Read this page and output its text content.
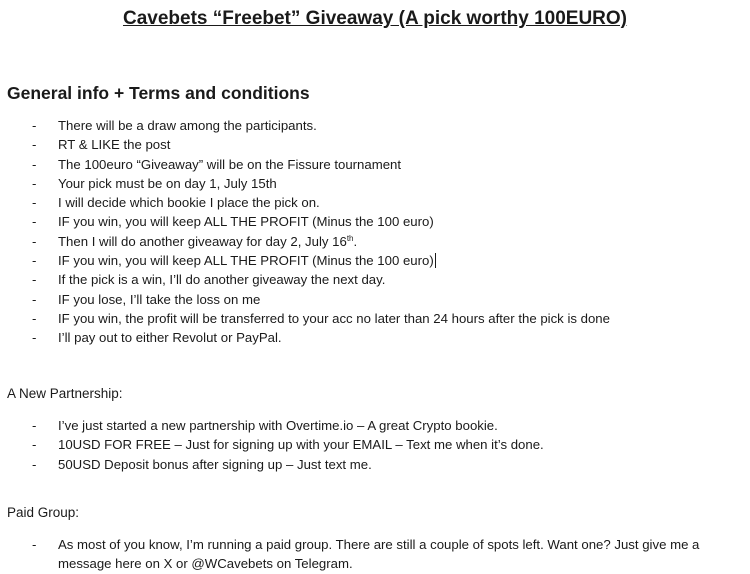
Cavebets “Freebet” Giveaway (A pick worthy 100EURO)
General info + Terms and conditions
- There will be a draw among the participants.
- RT & LIKE the post
- The 100euro “Giveaway” will be on the Fissure tournament
- Your pick must be on day 1, July 15th
- I will decide which bookie I place the pick on.
- IF you win, you will keep ALL THE PROFIT (Minus the 100 euro)
- Then I will do another giveaway for day 2, July 16th.
- IF you win, you will keep ALL THE PROFIT (Minus the 100 euro)
- If the pick is a win, I’ll do another giveaway the next day.
- IF you lose, I’ll take the loss on me
- IF you win, the profit will be transferred to your acc no later than 24 hours after the pick is done
- I’ll pay out to either Revolut or PayPal.
A New Partnership:
- I’ve just started a new partnership with Overtime.io – A great Crypto bookie.
- 10USD FOR FREE – Just for signing up with your EMAIL – Text me when it’s done.
- 50USD Deposit bonus after signing up – Just text me.
Paid Group:
- As most of you know, I’m running a paid group. There are still a couple of spots left. Want one? Just give me a
message here on X or @WCavebets on Telegram.
